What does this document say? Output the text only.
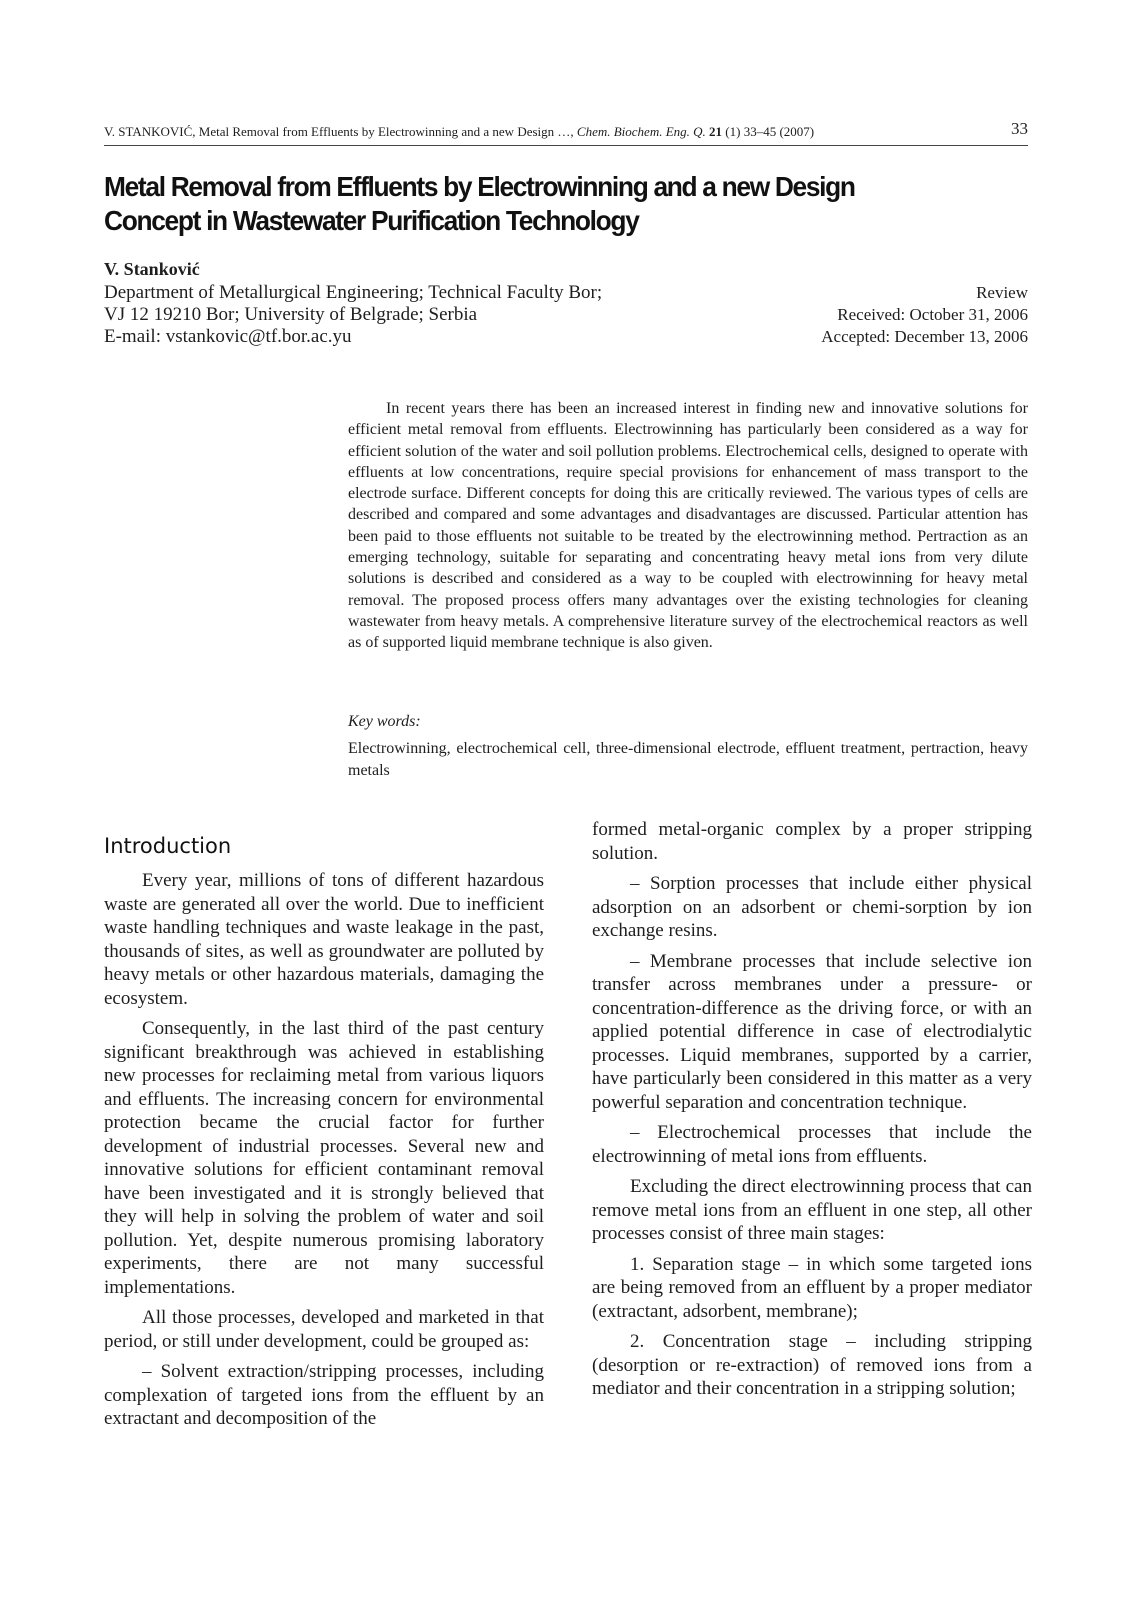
V. STANKOVIĆ, Metal Removal from Effluents by Electrowinning and a new Design …, Chem. Biochem. Eng. Q. 21 (1) 33–45 (2007)	33
Metal Removal from Effluents by Electrowinning and a new Design Concept in Wastewater Purification Technology
V. Stanković
Department of Metallurgical Engineering; Technical Faculty Bor;
VJ 12 19210 Bor; University of Belgrade; Serbia
E-mail: vstankovic@tf.bor.ac.yu
Review
Received: October 31, 2006
Accepted: December 13, 2006

In recent years there has been an increased interest in finding new and innovative solutions for efficient metal removal from effluents. Electrowinning has particularly been considered as a way for efficient solution of the water and soil pollution problems. Electrochemical cells, designed to operate with effluents at low concentrations, require special provisions for enhancement of mass transport to the electrode surface. Different concepts for doing this are critically reviewed. The various types of cells are described and compared and some advantages and disadvantages are discussed. Particular attention has been paid to those effluents not suitable to be treated by the electrowinning method. Pertraction as an emerging technology, suitable for separating and concentrating heavy metal ions from very dilute solutions is described and considered as a way to be coupled with electrowinning for heavy metal removal. The proposed process offers many advantages over the existing technologies for cleaning wastewater from heavy metals. A comprehensive literature survey of the electrochemical reactors as well as of supported liquid membrane technique is also given.

Key words:

Electrowinning, electrochemical cell, three-dimensional electrode, effluent treatment, pertraction, heavy metals

Introduction

Every year, millions of tons of different hazardous waste are generated all over the world. Due to inefficient waste handling techniques and waste leakage in the past, thousands of sites, as well as groundwater are polluted by heavy metals or other hazardous materials, damaging the ecosystem.

Consequently, in the last third of the past century significant breakthrough was achieved in establishing new processes for reclaiming metal from various liquors and effluents. The increasing concern for environmental protection became the crucial factor for further development of industrial processes. Several new and innovative solutions for efficient contaminant removal have been investigated and it is strongly believed that they will help in solving the problem of water and soil pollution. Yet, despite numerous promising laboratory experiments, there are not many successful implementations.

All those processes, developed and marketed in that period, or still under development, could be grouped as:

– Solvent extraction/stripping processes, including complexation of targeted ions from the effluent by an extractant and decomposition of the

formed metal-organic complex by a proper stripping solution.

– Sorption processes that include either physical adsorption on an adsorbent or chemi-sorption by ion exchange resins.

– Membrane processes that include selective ion transfer across membranes under a pressure- or concentration-difference as the driving force, or with an applied potential difference in case of electrodialytic processes. Liquid membranes, supported by a carrier, have particularly been considered in this matter as a very powerful separation and concentration technique.

– Electrochemical processes that include the electrowinning of metal ions from effluents.

Excluding the direct electrowinning process that can remove metal ions from an effluent in one step, all other processes consist of three main stages:

1. Separation stage – in which some targeted ions are being removed from an effluent by a proper mediator (extractant, adsorbent, membrane);

2. Concentration stage – including stripping (desorption or re-extraction) of removed ions from a mediator and their concentration in a stripping solution;
